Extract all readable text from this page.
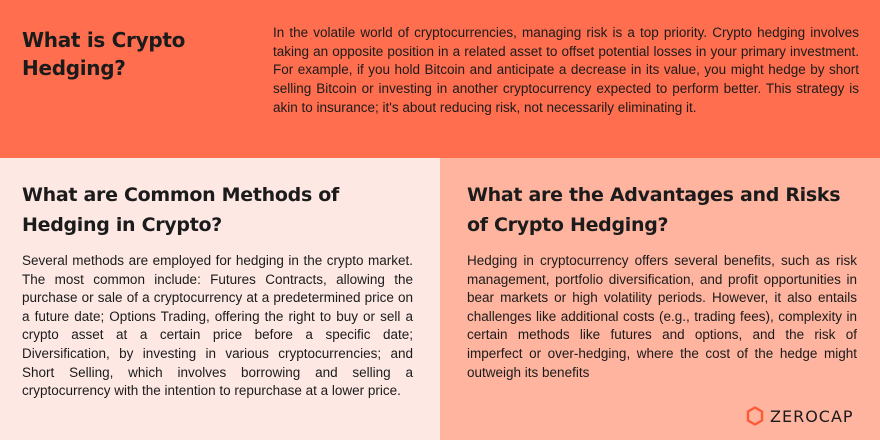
What is Crypto Hedging?

In the volatile world of cryptocurrencies, managing risk is a top priority. Crypto hedging involves taking an opposite position in a related asset to offset potential losses in your primary investment. For example, if you hold Bitcoin and anticipate a decrease in its value, you might hedge by short selling Bitcoin or investing in another cryptocurrency expected to perform better. This strategy is akin to insurance; it's about reducing risk, not necessarily eliminating it.

What are Common Methods of Hedging in Crypto?

Several methods are employed for hedging in the crypto market. The most common include: Futures Contracts, allowing the purchase or sale of a cryptocurrency at a predetermined price on a future date; Options Trading, offering the right to buy or sell a crypto asset at a certain price before a specific date; Diversification, by investing in various cryptocurrencies; and Short Selling, which involves borrowing and selling a cryptocurrency with the intention to repurchase at a lower price.

What are the Advantages and Risks of Crypto Hedging?

Hedging in cryptocurrency offers several benefits, such as risk management, portfolio diversification, and profit opportunities in bear markets or high volatility periods. However, it also entails challenges like additional costs (e.g., trading fees), complexity in certain methods like futures and options, and the risk of imperfect or over-hedging, where the cost of the hedge might outweigh its benefits

ZEROCAP
